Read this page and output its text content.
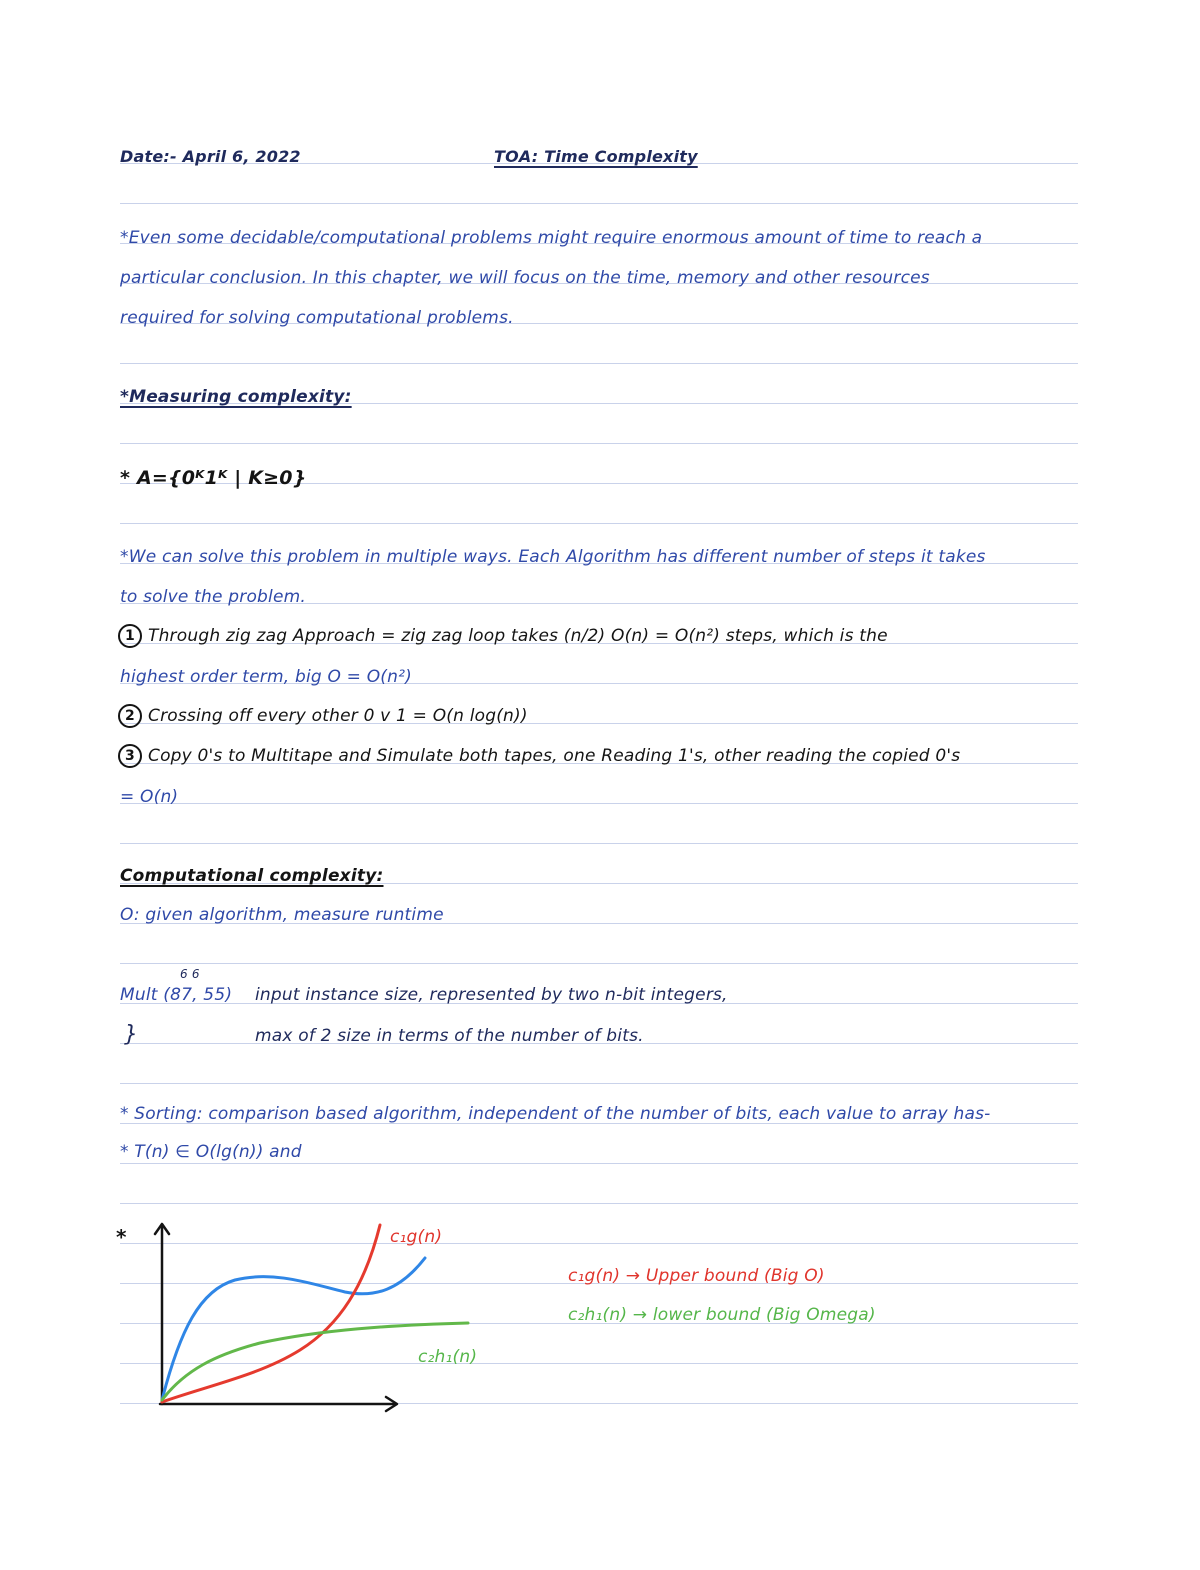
Date:- April 6, 2022	TOA: Time Complexity
*Even some decidable/computational problems might require enormous amount of time to reach a
particular conclusion. In this chapter, we will focus on the time, memory and other resources
required for solving computational problems.
*Measuring complexity:
* A={0ᴷ1ᴷ | K≥0}
*We can solve this problem in multiple ways. Each Algorithm has different number of steps it takes
to solve the problem.
1 Through zig zag Approach = zig zag loop takes (n/2) O(n) = O(n²) steps, which is the
highest order term, big O = O(n²)
2 Crossing off every other 0 v 1 = O(n log(n))
3 Copy 0's to Multitape and Simulate both tapes, one Reading 1's, other reading the copied 0's
= O(n)
Computational complexity:
O: given algorithm, measure runtime
6 6
Mult (87, 55) input instance size, represented by two n-bit integers,
}	max of 2 size in terms of the number of bits.
* Sorting: comparison based algorithm, independent of the number of bits, each value to array has-
* T(n) ∈ O(lg(n)) and
*	c₁g(n)
c₂h₁(n)
c₁g(n) → Upper bound (Big O)
c₂h₁(n) → lower bound (Big Omega)
